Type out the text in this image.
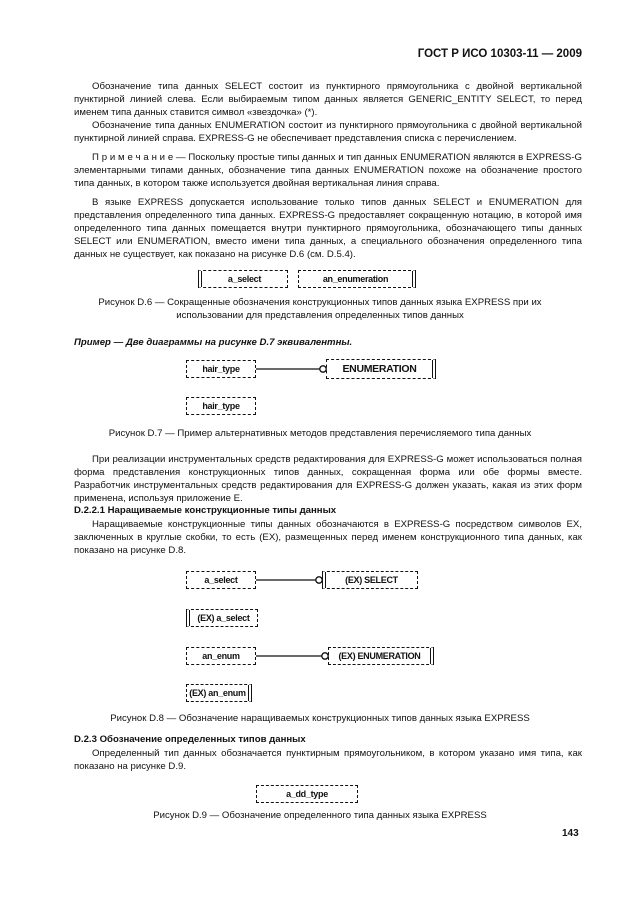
ГОСТ Р ИСО 10303-11 — 2009
Обозначение типа данных SELECT состоит из пунктирного прямоугольника с двойной вертикальной пунктирной линией слева. Если выбираемым типом данных является GENERIC_ENTITY SELECT, то перед именем типа данных ставится символ «звездочка» (*).
Обозначение типа данных ENUMERATION состоит из пунктирного прямоугольника с двойной вертикальной пунктирной линией справа. EXPRESS-G не обеспечивает представления списка с перечислением.
П р и м е ч а н и е — Поскольку простые типы данных и тип данных ENUMERATION являются в EXPRESS-G элементарными типами данных, обозначение типа данных ENUMERATION похоже на обозначение простого типа данных, в котором также используется двойная вертикальная линия справа.
В языке EXPRESS допускается использование только типов данных SELECT и ENUMERATION для представления определенного типа данных. EXPRESS-G предоставляет сокращенную нотацию, в которой имя определенного типа данных помещается внутри пунктирного прямоугольника, обозначающего типы данных SELECT или ENUMERATION, вместо имени типа данных, а специального обозначения определенного типа данных не существует, как показано на рисунке D.6 (см. D.5.4).
a_select	an_enumeration
Рисунок D.6 — Сокращенные обозначения конструкционных типов данных языка EXPRESS при их
использовании для представления определенных типов данных
Пример — Две диаграммы на рисунке D.7 эквивалентны.
hair_type	ENUMERATION
hair_type
Рисунок D.7 — Пример альтернативных методов представления перечисляемого типа данных
При реализации инструментальных средств редактирования для EXPRESS-G может использоваться полная форма представления конструкционных типов данных, сокращенная форма или обе формы вместе. Разработчик инструментальных средств редактирования для EXPRESS-G должен указать, какая из этих форм применена, используя приложение Е.
D.2.2.1 Наращиваемые конструкционные типы данных
Наращиваемые конструкционные типы данных обозначаются в EXPRESS-G посредством символов EX, заключенных в круглые скобки, то есть (EX), размещенных перед именем конструкционного типа данных, как показано на рисунке D.8.
a_select	(EX) SELECT
(EX) a_select
an_enum	(EX) ENUMERATION
(EX) an_enum
Рисунок D.8 — Обозначение наращиваемых конструкционных типов данных языка EXPRESS
D.2.3 Обозначение определенных типов данных
Определенный тип данных обозначается пунктирным прямоугольником, в котором указано имя типа, как показано на рисунке D.9.
a_dd_type
Рисунок D.9 — Обозначение определенного типа данных языка EXPRESS
143
